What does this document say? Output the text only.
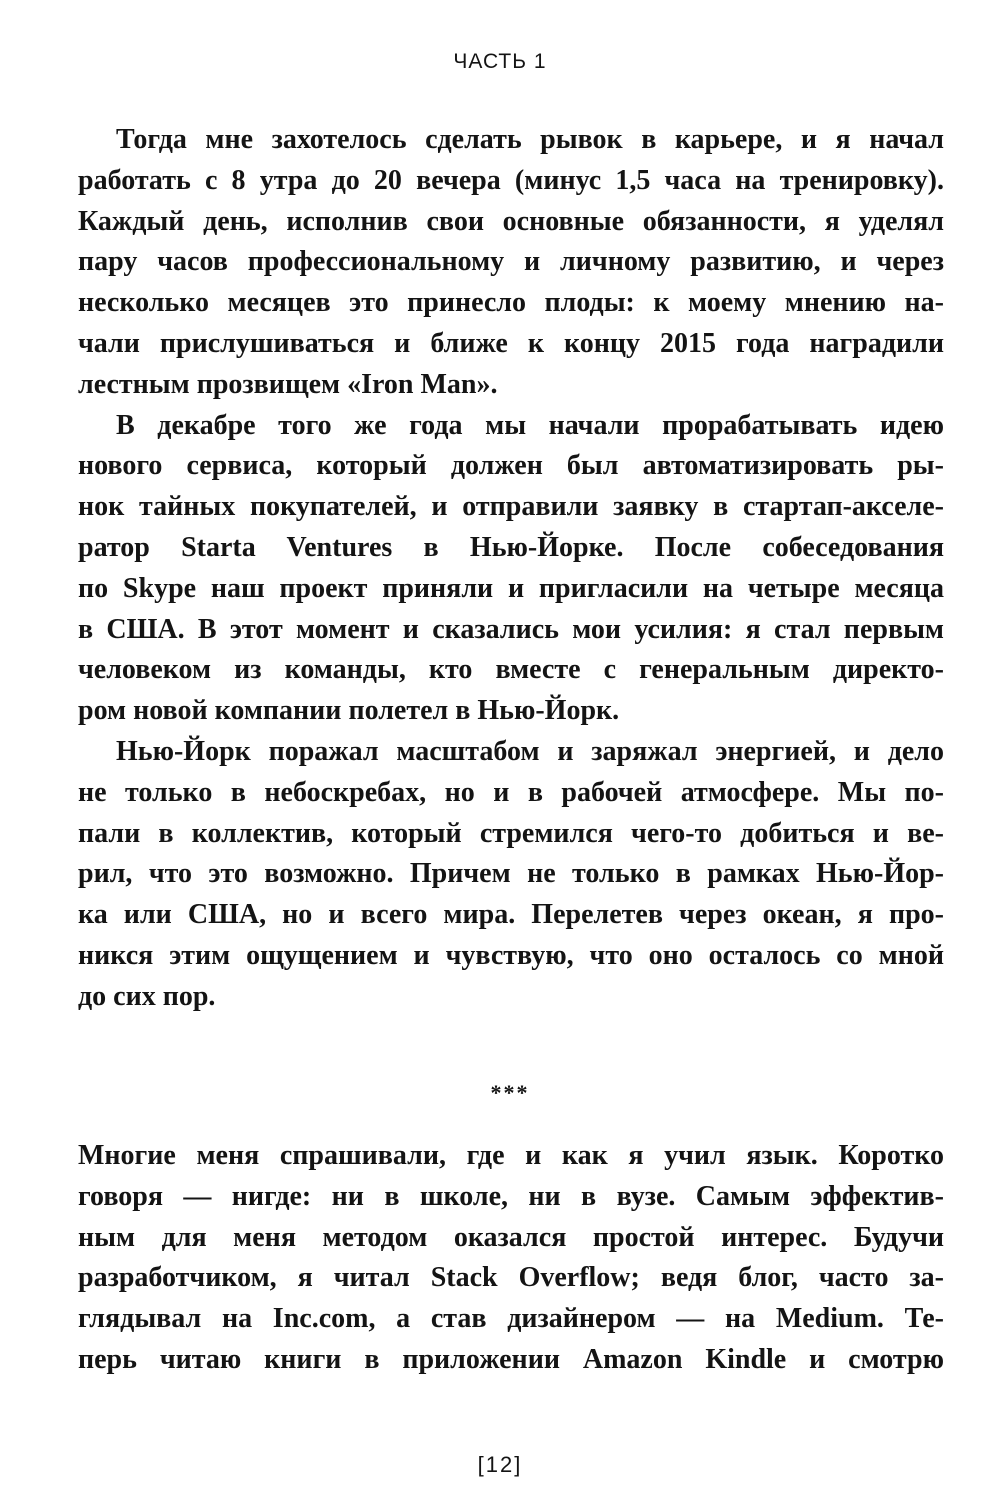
ЧАСТЬ 1
Тогда мне захотелось сделать рывок в карьере, и я начал
работать с 8 утра до 20 вечера (минус 1,5 часа на тренировку).
Каждый день, исполнив свои основные обязанности, я уделял
пару часов профессиональному и личному развитию, и через
несколько месяцев это принесло плоды: к моему мнению на-
чали прислушиваться и ближе к концу 2015 года наградили
лестным прозвищем «Iron Man».
В декабре того же года мы начали прорабатывать идею
нового сервиса, который должен был автоматизировать ры-
нок тайных покупателей, и отправили заявку в стартап-акселе-
ратор Starta Ventures в Нью-Йорке. После собеседования
по Skype наш проект приняли и пригласили на четыре месяца
в США. В этот момент и сказались мои усилия: я стал первым
человеком из команды, кто вместе с генеральным директо-
ром новой компании полетел в Нью-Йорк.
Нью-Йорк поражал масштабом и заряжал энергией, и дело
не только в небоскребах, но и в рабочей атмосфере. Мы по-
пали в коллектив, который стремился чего-то добиться и ве-
рил, что это возможно. Причем не только в рамках Нью-Йор-
ка или США, но и всего мира. Перелетев через океан, я про-
никся этим ощущением и чувствую, что оно осталось со мной
до сих пор.
***
Многие меня спрашивали, где и как я учил язык. Коротко
говоря — нигде: ни в школе, ни в вузе. Самым эффектив-
ным для меня методом оказался простой интерес. Будучи
разработчиком, я читал Stack Overflow; ведя блог, часто за-
глядывал на Inc.com, а став дизайнером — на Medium. Те-
перь читаю книги в приложении Amazon Kindle и смотрю
[12]
